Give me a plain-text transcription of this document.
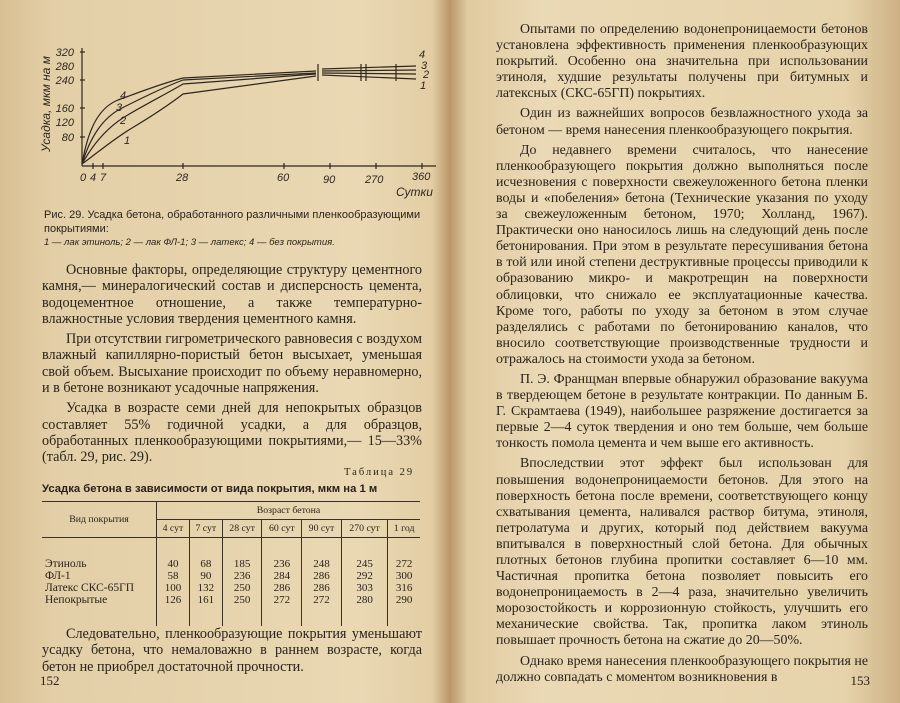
320
280
240
160
120
80
Усадка, мкм на м
0 4 7	28	60	90	270	360
Сутки
4
3
2
1
4
3
2
1
Рис. 29. Усадка бетона, обработанного различными пленкообразующими покрытиями:
1 — лак этиноль; 2 — лак ФЛ-1; 3 — латекс; 4 — без покрытия.

Основные факторы, определяющие структуру цементного камня,— минералогический состав и дисперсность цемента, водоцементное отношение, а также температурно-влажностные условия твердения цементного камня.

При отсутствии гигрометрического равновесия с воздухом влажный капиллярно-пористый бетон высыхает, уменьшая свой объем. Высыхание происходит по объему неравномерно, и в бетоне возникают усадочные напряжения.

Усадка в возрасте семи дней для непокрытых образцов составляет 55% годичной усадки, а для образцов, обработанных пленкообразующими покрытиями,— 15—33% (табл. 29, рис. 29).

Таблица 29
Усадка бетона в зависимости от вида покрытия, мкм на 1 м
Вид покрытия	Возраст бетона						
	4 сут	7 сут	28 сут	60 сут	90 сут	270 сут	1 год

Этиноль	40	68	185	236	248	245	272
ФЛ-1	58	90	236	284	286	292	300
Латекс СКС-65ГП	100	132	250	286	286	303	316
Непокрытые	126	161	250	272	272	280	290

Следовательно, пленкообразующие покрытия уменьшают усадку бетона, что немаловажно в раннем возрасте, когда бетон не приобрел достаточной прочности.

152

Опытами по определению водонепроницаемости бетонов установлена эффективность применения пленкообразующих покрытий. Особенно она значительна при использовании этиноля, худшие результаты получены при битумных и латексных (СКС-65ГП) покрытиях.

Один из важнейших вопросов безвлажностного ухода за бетоном — время нанесения пленкообразующего покрытия.

До недавнего времени считалось, что нанесение пленкообразующего покрытия должно выполняться после исчезновения с поверхности свежеуложенного бетона пленки воды и «побеления» бетона (Технические указания по уходу за свежеуложенным бетоном, 1970; Холланд, 1967). Практически оно наносилось лишь на следующий день после бетонирования. При этом в результате пересушивания бетона в той или иной степени деструктивные процессы приводили к образованию микро- и макротрещин на поверхности облицовки, что снижало ее эксплуатационные качества. Кроме того, работы по уходу за бетоном в этом случае разделялись с работами по бетонированию каналов, что вносило соответствующие производственные трудности и отражалось на стоимости ухода за бетоном.

П. Э. Франщман впервые обнаружил образование вакуума в твердеющем бетоне в результате контракции. По данным Б. Г. Скрамтаева (1949), наибольшее разряжение достигается за первые 2—4 суток твердения и оно тем больше, чем больше тонкость помола цемента и чем выше его активность.

Впоследствии этот эффект был использован для повышения водонепроницаемости бетонов. Для этого на поверхность бетона после времени, соответствующего концу схватывания цемента, наливался раствор битума, этиноля, петролатума и других, который под действием вакуума впитывался в поверхностный слой бетона. Для обычных плотных бетонов глубина пропитки составляет 6—10 мм. Частичная пропитка бетона позволяет повысить его водонепроницаемость в 2—4 раза, значительно увеличить морозостойкость и коррозионную стойкость, улучшить его механические свойства. Так, пропитка лаком этиноль повышает прочность бетона на сжатие до 20—50%.

Однако время нанесения пленкообразующего покрытия не должно совпадать с моментом возникновения в	153
